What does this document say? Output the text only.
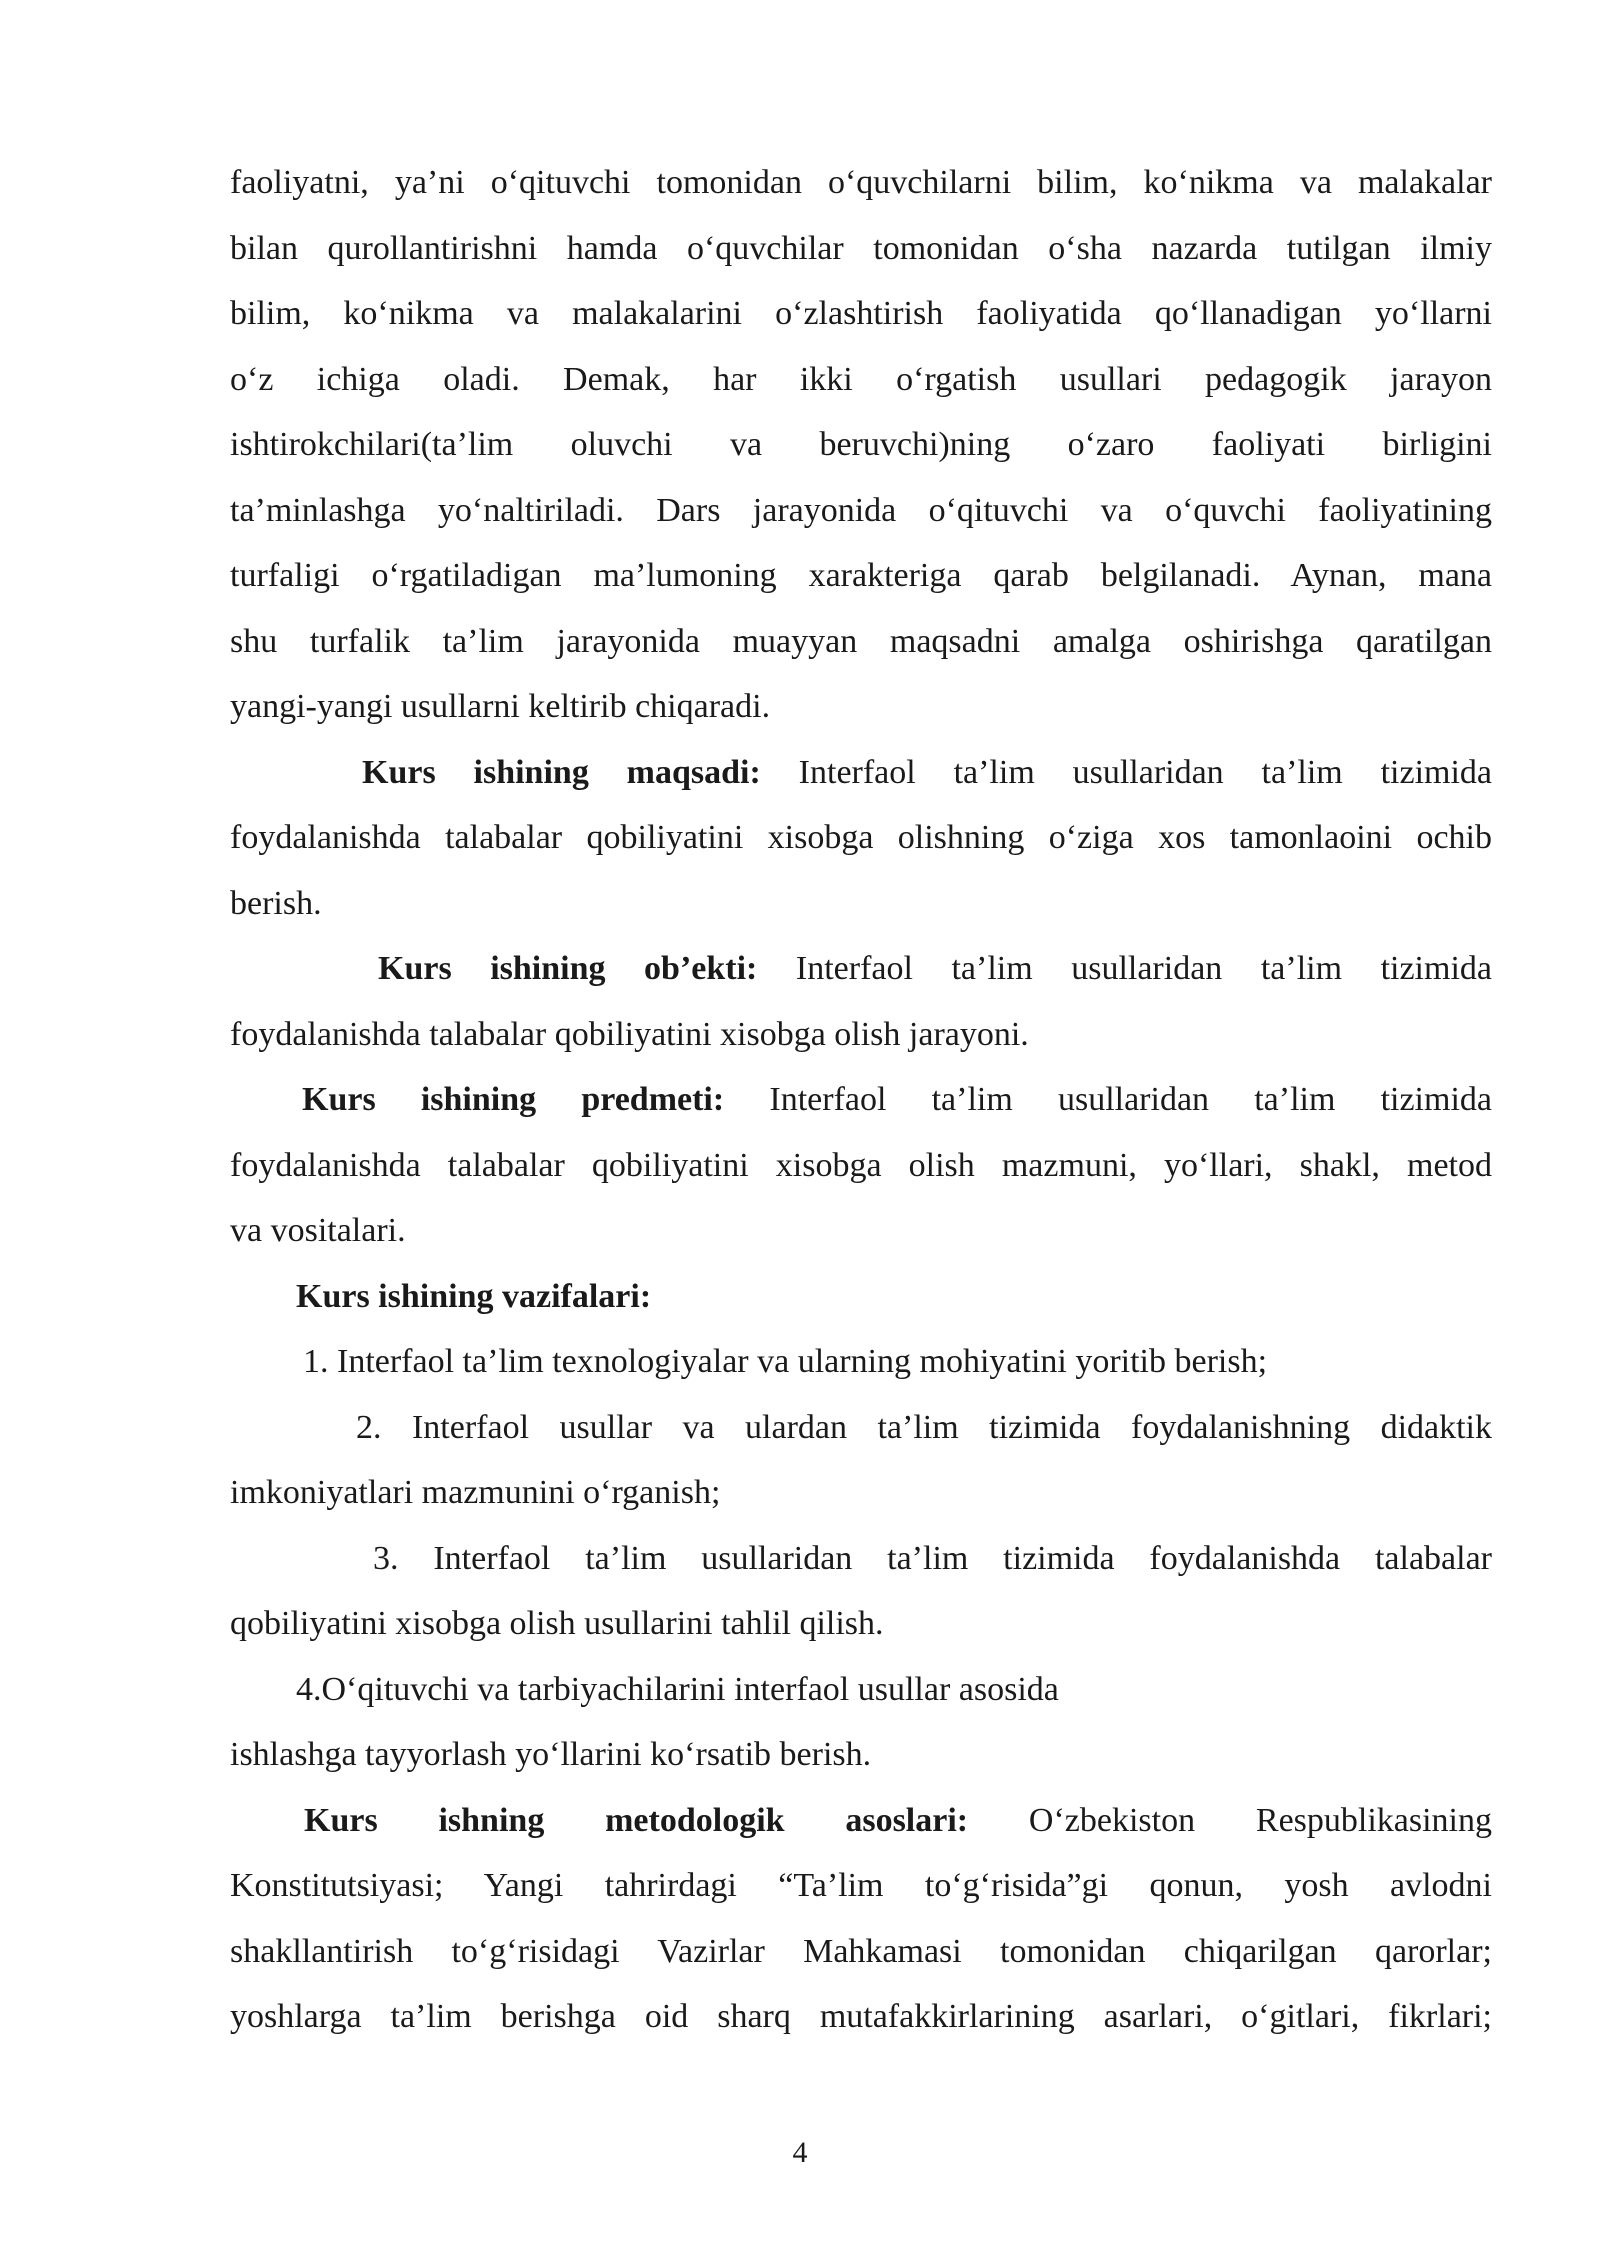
faoliyatni, ya’ni o‘qituvchi tomonidan o‘quvchilarni bilim, ko‘nikma va malakalar
bilan qurollantirishni hamda o‘quvchilar tomonidan o‘sha nazarda tutilgan ilmiy
bilim, ko‘nikma va malakalarini o‘zlashtirish faoliyatida qo‘llanadigan yo‘llarni
o‘z ichiga oladi. Demak, har ikki o‘rgatish usullari pedagogik jarayon
ishtirokchilari(ta’lim oluvchi va beruvchi)ning o‘zaro faoliyati birligini
ta’minlashga yo‘naltiriladi. Dars jarayonida o‘qituvchi va o‘quvchi faoliyatining
turfaligi o‘rgatiladigan ma’lumoning xarakteriga qarab belgilanadi. Aynan, mana
shu turfalik ta’lim jarayonida muayyan maqsadni amalga oshirishga qaratilgan
yangi-yangi usullarni keltirib chiqaradi.
Kurs ishining maqsadi: Interfaol ta’lim usullaridan ta’lim tizimida
foydalanishda talabalar qobiliyatini xisobga olishning o‘ziga xos tamonlaoini ochib
berish.
Kurs ishining ob’ekti: Interfaol ta’lim usullaridan ta’lim tizimida
foydalanishda talabalar qobiliyatini xisobga olish jarayoni.
Kurs ishining predmeti: Interfaol ta’lim usullaridan ta’lim tizimida
foydalanishda talabalar qobiliyatini xisobga olish mazmuni, yo‘llari, shakl, metod
va vositalari.
Kurs ishining vazifalari:
1. Interfaol ta’lim texnologiyalar va ularning mohiyatini yoritib berish;
2. Interfaol usullar va ulardan ta’lim tizimida foydalanishning didaktik
imkoniyatlari mazmunini o‘rganish;
3. Interfaol ta’lim usullaridan ta’lim tizimida foydalanishda talabalar
qobiliyatini xisobga olish usullarini tahlil qilish.
4.O‘qituvchi va tarbiyachilarini interfaol usullar asosida
ishlashga tayyorlash yo‘llarini ko‘rsatib berish.
Kurs ishning metodologik asoslari: O‘zbekiston Respublikasining
Konstitutsiyasi; Yangi tahrirdagi “Ta’lim to‘g‘risida”gi qonun, yosh avlodni
shakllantirish to‘g‘risidagi Vazirlar Mahkamasi tomonidan chiqarilgan qarorlar;
yoshlarga ta’lim berishga oid sharq mutafakkirlarining asarlari, o‘gitlari, fikrlari;
4
